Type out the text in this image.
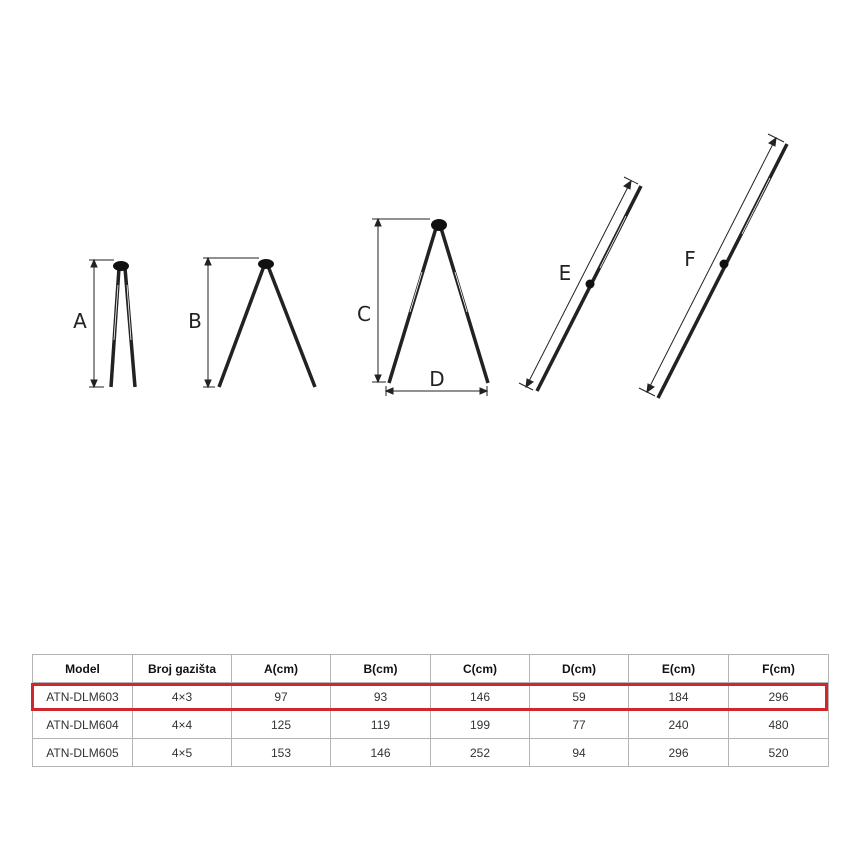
A	B	C
D
E
F
Model	Broj gazišta	A(cm)	B(cm)	C(cm)	D(cm)	E(cm)	F(cm)
ATN-DLM603	4×3	97	93	146	59	184	296
ATN-DLM604	4×4	125	119	199	77	240	480
ATN-DLM605	4×5	153	146	252	94	296	520
